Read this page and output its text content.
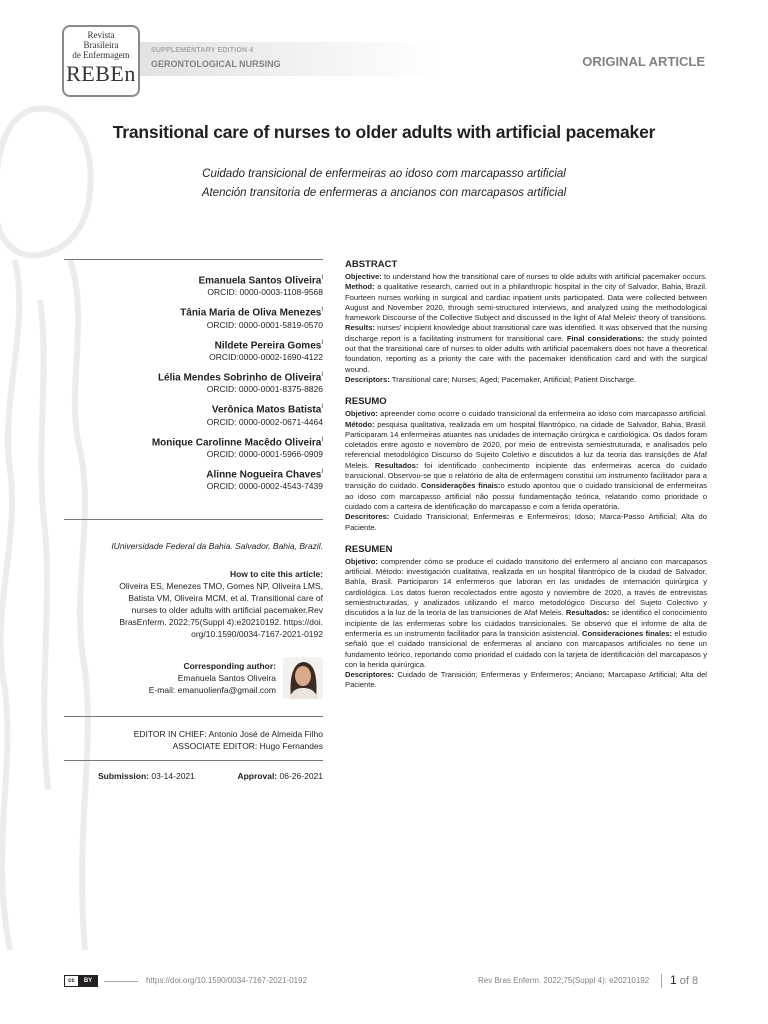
Revista
Brasileira
de Enfermagem
REBEn
SUPPLEMENTARY EDITION 4
GERONTOLOGICAL NURSING	ORIGINAL ARTICLE
Transitional care of nurses to older adults with artificial pacemaker
Cuidado transicional de enfermeiras ao idoso com marcapasso artificial
Atención transitoria de enfermeras a ancianos con marcapasos artificial
Emanuela Santos Oliveira$^I$
ORCID: 0000-0003-1108-9568
Tânia Maria de Oliva Menezes$^I$
ORCID: 0000-0001-5819-0570
Nildete Pereira Gomes$^I$
ORCID:0000-0002-1690-4122
Lélia Mendes Sobrinho de Oliveira$^I$
ORCID: 0000-0001-8375-8826
Verônica Matos Batista$^I$
ORCID: 0000-0002-0671-4464
Monique Carolinne Macêdo Oliveira$^I$
ORCID: 0000-0001-5966-0909
Alinne Nogueira Chaves$^I$
ORCID: 0000-0002-4543-7439
IUniversidade Federal da Bahia. Salvador, Bahia, Brazil.
How to cite this article:
Oliveira ES, Menezes TMO, Gomes NP, Oliveira LMS,
Batista VM, Oliveira MCM, et al. Transitional care of
nurses to older adults with artificial pacemaker.Rev
BrasEnferm. 2022;75(Suppl 4):e20210192. https://doi.
org/10.1590/0034-7167-2021-0192
Corresponding author:
Emanuela Santos Oliveira
E-mail: emanuolienfa@gmail.com
EDITOR IN CHIEF: Antonio José de Almeida Filho
ASSOCIATE EDITOR: Hugo Fernandes
Submission: 03-14-2021	Approval: 06-26-2021
ABSTRACT
Objective: to understand how the transitional care of nurses to olde adults with artificial pacemaker occurs. Method: a qualitative research, carried out in a philanthropic hospital in the city of Salvador, Bahia, Brazil. Fourteen nurses working in surgical and cardiac inpatient units participated. Data were collected between August and November 2020, through semi-structured interviews, and analyzed using the methodological framework Discourse of the Collective Subject and discussed in the light of Afaf Meleis' theory of transitions. Results: nurses' incipient knowledge about transitional care was identified. It was observed that the nursing discharge report is a facilitating instrument for transitional care. Final considerations: the study pointed out that the transitional care of nurses to older adults with artificial pacemakers does not have a theoretical foundation, reporting as a priority the care with the pacemaker identification card and with the surgical wound.
Descriptors: Transitional care; Nurses; Aged; Pacemaker, Artificial; Patient Discharge.
RESUMO
Objetivo: apreender como ocorre o cuidado transicional da enfermeira ao idoso com marcapasso artificial. Método: pesquisa qualitativa, realizada em um hospital filantrópico, na cidade de Salvador, Bahia, Brasil. Participaram 14 enfermeiras atuantes nas unidades de internação cirúrgica e cardiológica. Os dados foram coletados entre agosto e novembro de 2020, por meio de entrevista semiestruturada, e analisados pelo referencial metodológico Discurso do Sujeito Coletivo e discutidos à luz da teoria das transições de Afaf Meleis. Resultados: foi identificado conhecimento incipiente das enfermeiras acerca do cuidado transicional. Observou-se que o relatório de alta de enfermagem constitui um instrumento facilitador para a transição do cuidado. Considerações finais:o estudo apontou que o cuidado transicional de enfermeiras ao idoso com marcapasso artificial não possui fundamentação teórica, relatando como prioridade o cuidado com a carteira de identificação do marcapasso e com a ferida operatória.
Descritores: Cuidado Transicional; Enfermeiras e Enfermeiros; Idoso; Marca-Passo Artificial; Alta do Paciente.
RESUMEN
Objetivo: comprender cómo se produce el cuidado transitorio del enfermero al anciano con marcapasos artificial. Método: investigación cualitativa, realizada en un hospital filantrópico de la ciudad de Salvador, Bahía, Brasil. Participaron 14 enfermeros que laboran en las unidades de internación quirúrgica y cardiológica. Los datos fueron recolectados entre agosto y noviembre de 2020, a través de entrevistas semiestructuradas, y analizados utilizando el marco metodológico Discurso del Sujeto Colectivo y discutidos a la luz de la teoría de las transiciones de Afaf Meleis. Resultados: se identificó el conocimiento incipiente de las enfermeras sobre los cuidados transicionales. Se observó que el informe de alta de enfermería es un instrumento facilitador para la transición asistencial. Consideraciones finales: el estudio señaló que el cuidado transicional de enfermeras al anciano con marcapasos artificiales no tiene un fundamento teórico, reportando como prioridad el cuidado con la tarjeta de identificación del marcapasos y con la herida quirúrgica.
Descriptores: Cuidado de Transición; Enfermeras y Enfermeros; Anciano; Marcapaso Artificial; Alta del Paciente.
cc	BY	https://doi.org/10.1590/0034-7167-2021-0192	Rev Bras Enferm. 2022;75(Suppl 4): e20210192 1 of 8
